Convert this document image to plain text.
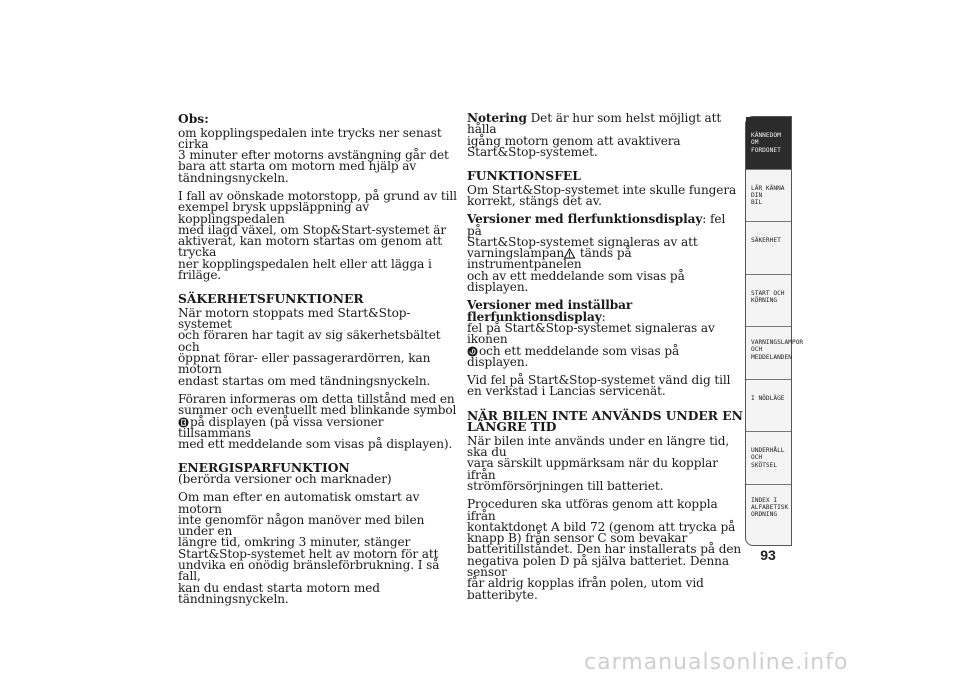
Obs:

om kopplingspedalen inte trycks ner senast cirka
3 minuter efter motorns avstängning går det
bara att starta om motorn med hjälp av
tändningsnyckeln.

I fall av oönskade motorstopp, på grund av till
exempel brysk uppsläppning av kopplingspedalen
med ilagd växel, om Stop&Start-systemet är
aktiverat, kan motorn startas om genom att trycka
ner kopplingspedalen helt eller att lägga i friläge.

SÄKERHETSFUNKTIONER

När motorn stoppats med Start&Stop-systemet
och föraren har tagit av sig säkerhetsbältet och
öppnat förar- eller passagerardörren, kan motorn
endast startas om med tändningsnyckeln.

Föraren informeras om detta tillstånd med en
summer och eventuellt med blinkande symbol
på displayen (på vissa versioner tillsammans
med ett meddelande som visas på displayen).

ENERGISPARFUNKTION

(berörda versioner och marknader)

Om man efter en automatisk omstart av motorn
inte genomför någon manöver med bilen under en
längre tid, omkring 3 minuter, stänger
Start&Stop-systemet helt av motorn för att
undvika en onödig bränsleförbrukning. I så fall,
kan du endast starta motorn med
tändningsnyckeln.

Notering Det är hur som helst möjligt att hålla
igång motorn genom att avaktivera
Start&Stop-systemet.

FUNKTIONSFEL

Om Start&Stop-systemet inte skulle fungera
korrekt, stängs det av.

Versioner med flerfunktionsdisplay: fel på
Start&Stop-systemet signaleras av att
varningslampan tänds på instrumentpanelen
och av ett meddelande som visas på displayen.

Versioner med inställbar flerfunktionsdisplay:
fel på Start&Stop-systemet signaleras av ikonen
och ett meddelande som visas på displayen.

Vid fel på Start&Stop-systemet vänd dig till
en verkstad i Lancias servicenät.

NÄR BILEN INTE ANVÄNDS UNDER EN
LÄNGRE TID

När bilen inte används under en längre tid, ska du
vara särskilt uppmärksam när du kopplar ifrån
strömförsörjningen till batteriet.

Proceduren ska utföras genom att koppla ifrån
kontaktdonet A bild 72 (genom att trycka på
knapp B) från sensor C som bevakar
batteritillståndet. Den har installerats på den
negativa polen D på själva batteriet. Denna sensor
får aldrig kopplas ifrån polen, utom vid
batteribyte.

KÄNNEDOM OM
FORDONET
LÄR KÄNNA DIN
BIL
SÄKERHET
START OCH
KÖRNING
VARNINGSLAMPOR
OCH
MEDDELANDEN
I NÖDLÄGE
UNDERHÅLL OCH
SKÖTSEL
INDEX I
ALFABETISK
ORDNING
93
carmanualsonline.info
